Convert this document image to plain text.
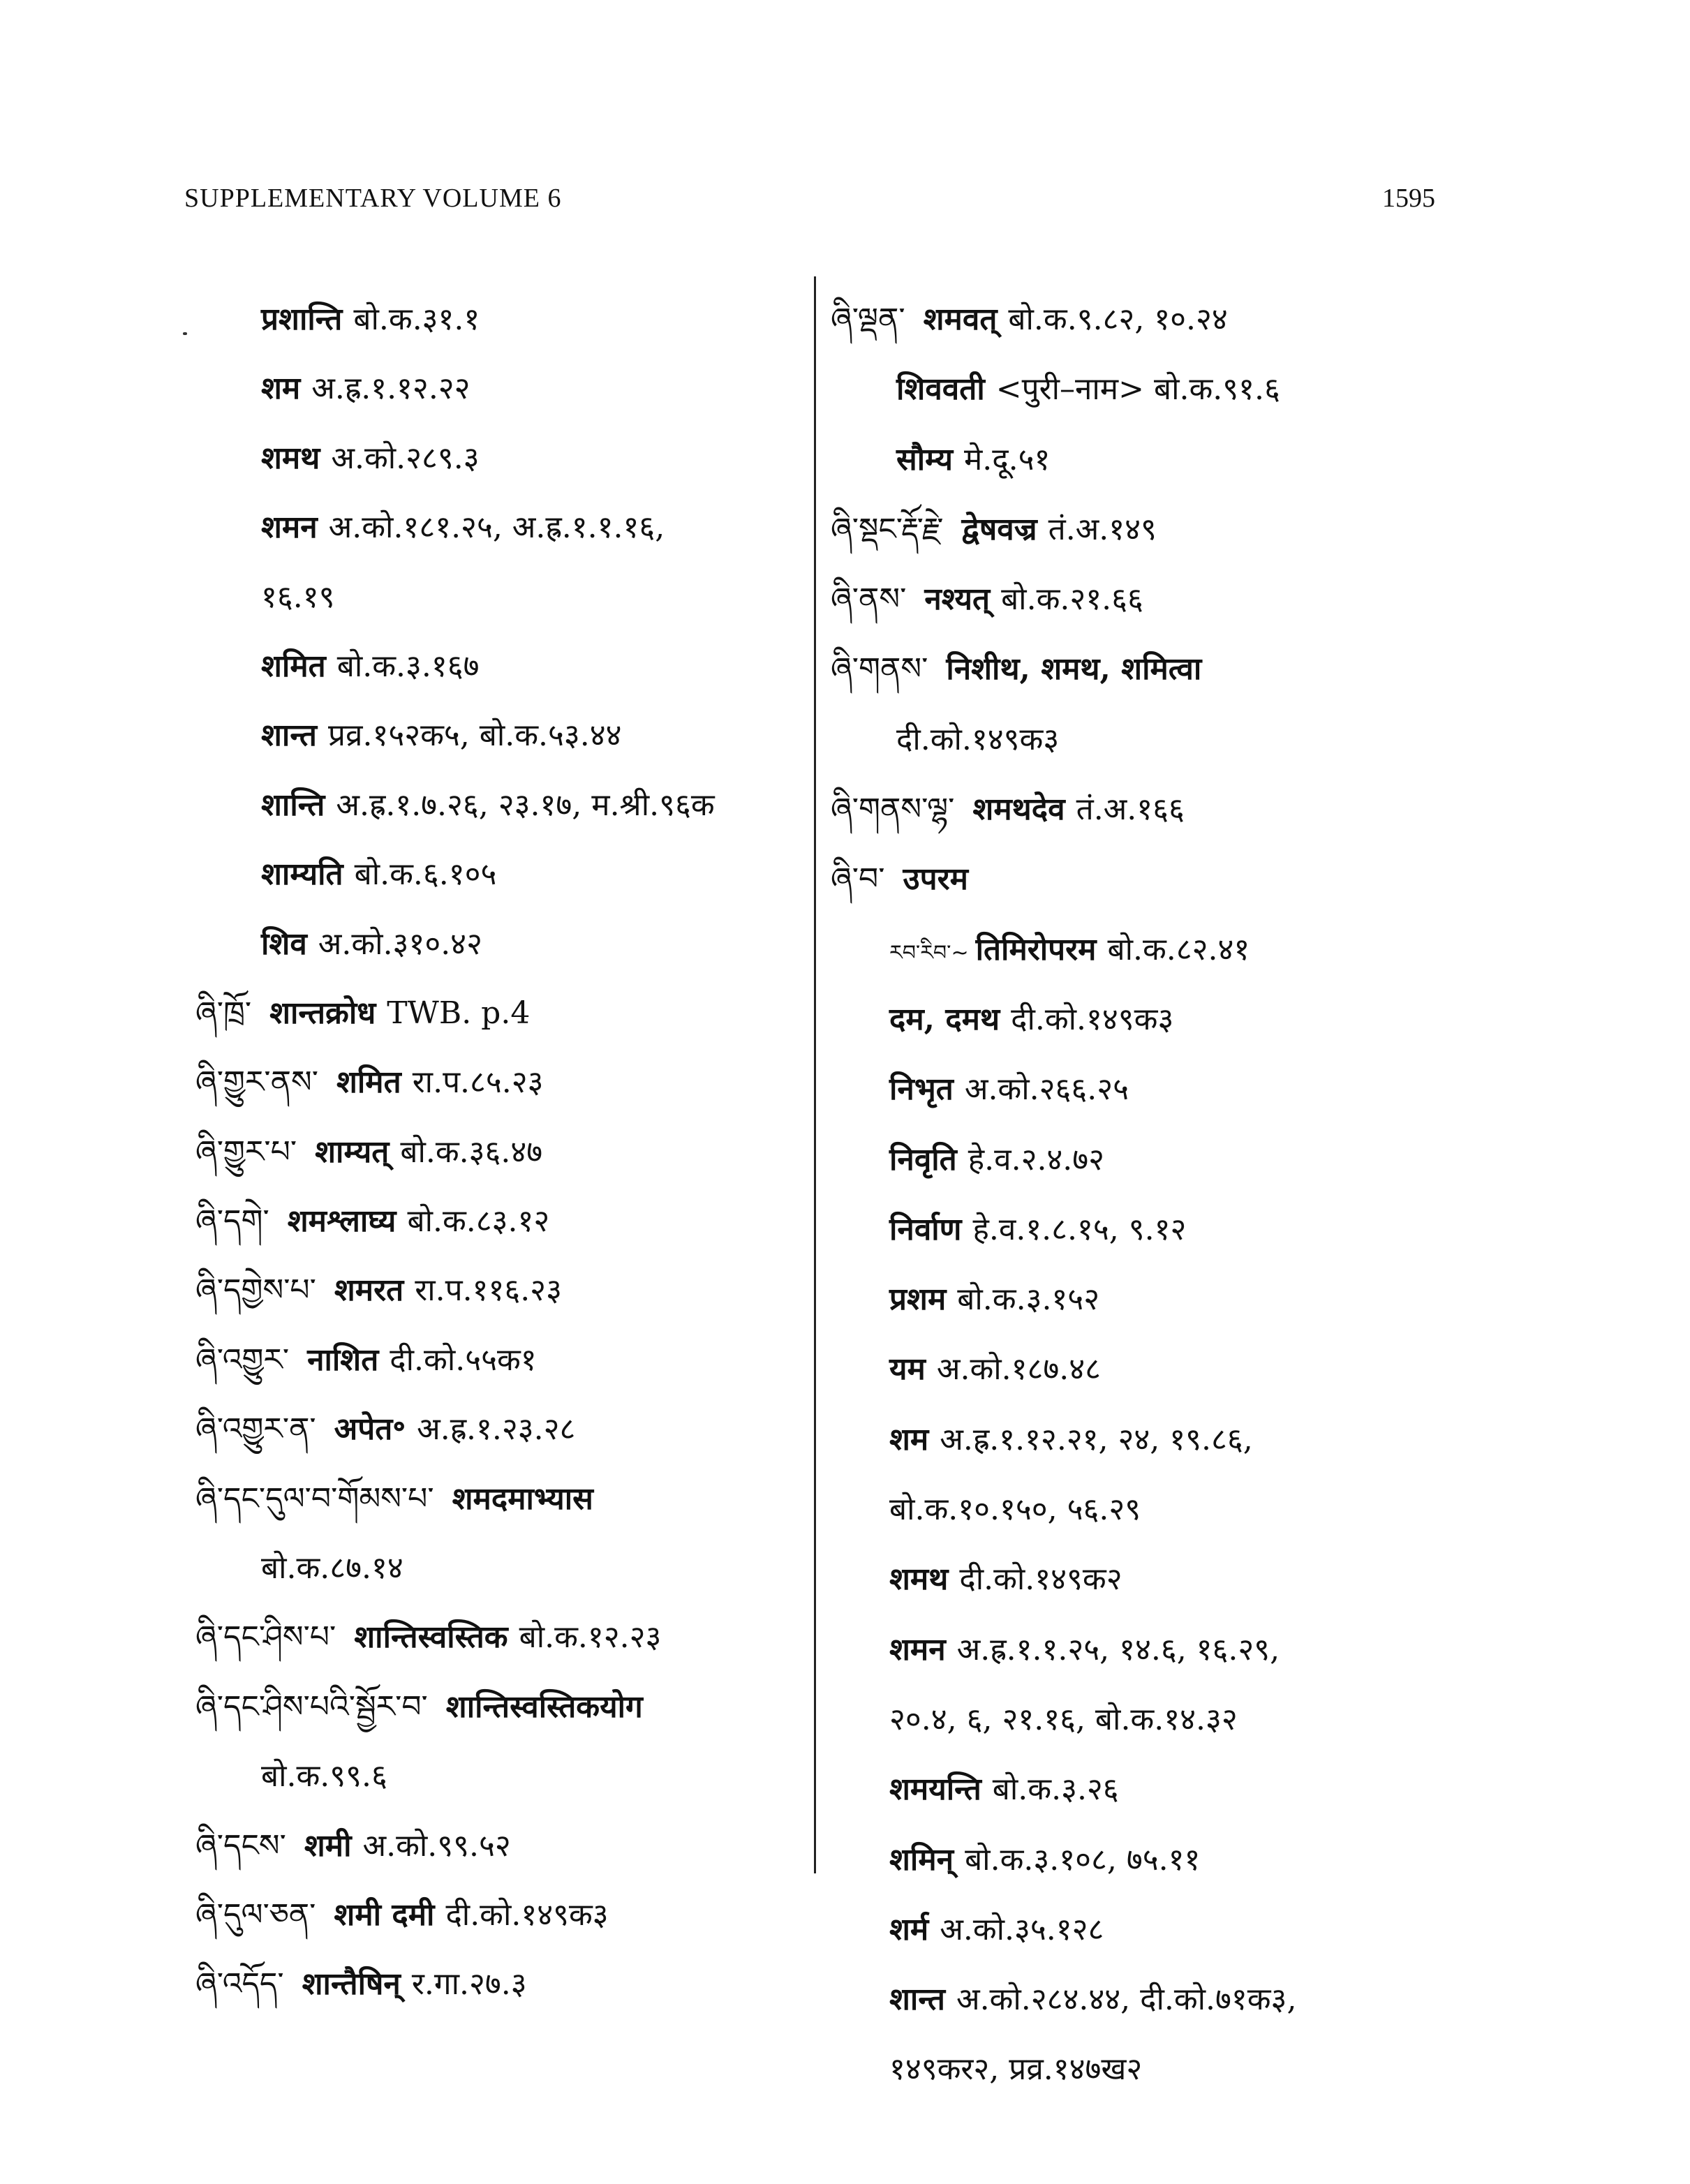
SUPPLEMENTARY VOLUME 6	1595
प्रशान्ति बो.क.३१.१
शम अ.ह्र.१.१२.२२
शमथ अ.को.२८९.३
शमन अ.को.१८१.२५, अ.ह्र.१.१.१६,
१६.१९
शमित बो.क.३.१६७
शान्त प्रव्र.१५२क५, बो.क.५३.४४
शान्ति अ.ह्र.१.७.२६, २३.१७, म.श्री.९६क
शाम्यति बो.क.६.१०५
शिव अ.को.३१०.४२
ཞི་ཁྲོ་ शान्तक्रोध TWB. p.4
ཞི་གྱུར་ནས་ शमित रा.प.८५.२३
ཞི་གྱུར་པ་ शाम्यत् बो.क.३६.४७
ཞི་དགེ་ शमश्लाघ्य बो.क.८३.१२
ཞི་དགྱེས་པ་ शमरत रा.प.११६.२३
ཞི་འགྱུར་ नाशित दी.को.५५क१
ཞི་འགྱུར་ན་ अपेत॰ अ.ह्र.१.२३.२८
ཞི་དང་དུལ་བ་གོམས་པ་ शमदमाभ्यास
बो.क.८७.१४
ཞི་དང་ཤིས་པ་ शान्तिस्वस्तिक बो.क.१२.२३
ཞི་དང་ཤིས་པའི་སྦྱོར་བ་ शान्तिस्वस्तिकयोग
बो.क.९९.६
ཞི་དངས་ शमी अ.को.९९.५२
ཞི་དུལ་ཅན་ शमी दमी दी.को.१४९क३
ཞི་འདོད་ शान्तैषिन् र.गा.२७.३
ཞི་ལྡན་ शमवत् बो.क.९.८२, १०.२४
शिववती <पुरी–नाम> बो.क.९१.६
सौम्य मे.दू.५१
ཞི་སྡང་རྡོ་རྗེ་ द्वेषवज्र तं.अ.१४९
ཞི་ནས་ नश्यत् बो.क.२१.६६
ཞི་གནས་ निशीथ, शमथ, शमित्वा
दी.को.१४९क३
ཞི་གནས་ལྷ་ शमथदेव तं.अ.१६६
ཞི་བ་ उपरम
རབ་རིབ་~ तिमिरोपरम बो.क.८२.४१
दम, दमथ दी.को.१४९क३
निभृत अ.को.२६६.२५
निवृति हे.व.२.४.७२
निर्वाण हे.व.१.८.१५, ९.१२
प्रशम बो.क.३.१५२
यम अ.को.१८७.४८
शम अ.ह्र.१.१२.२१, २४, १९.८६,
बो.क.१०.१५०, ५६.२९
शमथ दी.को.१४९क२
शमन अ.ह्र.१.१.२५, १४.६, १६.२९,
२०.४, ६, २१.१६, बो.क.१४.३२
शमयन्ति बो.क.३.२६
शमिन् बो.क.३.१०८, ७५.११
शर्म अ.को.३५.१२८
शान्त अ.को.२८४.४४, दी.को.७१क३,
१४९कर२, प्रव्र.१४७ख२
